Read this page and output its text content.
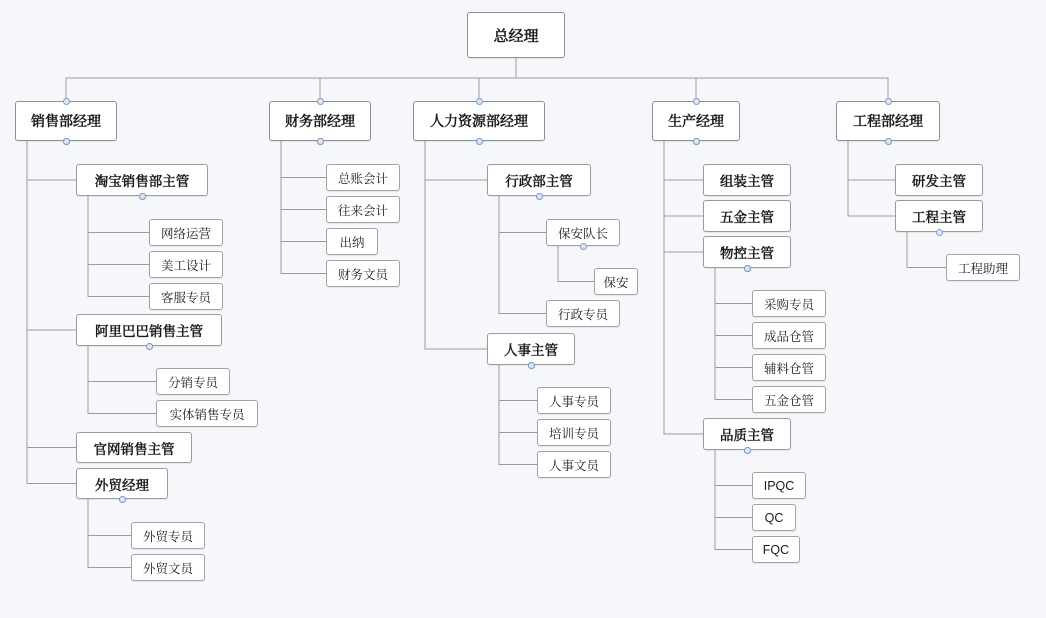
总经理
销售部经理	财务部经理	人力资源部经理	生产经理	工程部经理
淘宝销售部主管
网络运营
美工设计
客服专员
阿里巴巴销售主管
分销专员
实体销售专员
官网销售主管
外贸经理
外贸专员
外贸文员
总账会计
往来会计
出纳
财务文员
行政部主管
保安队长
保安
行政专员
人事主管
人事专员
培训专员
人事文员
组装主管
五金主管
物控主管
采购专员
成品仓管
辅料仓管
五金仓管
品质主管
IPQC
QC
FQC
研发主管
工程主管
工程助理
